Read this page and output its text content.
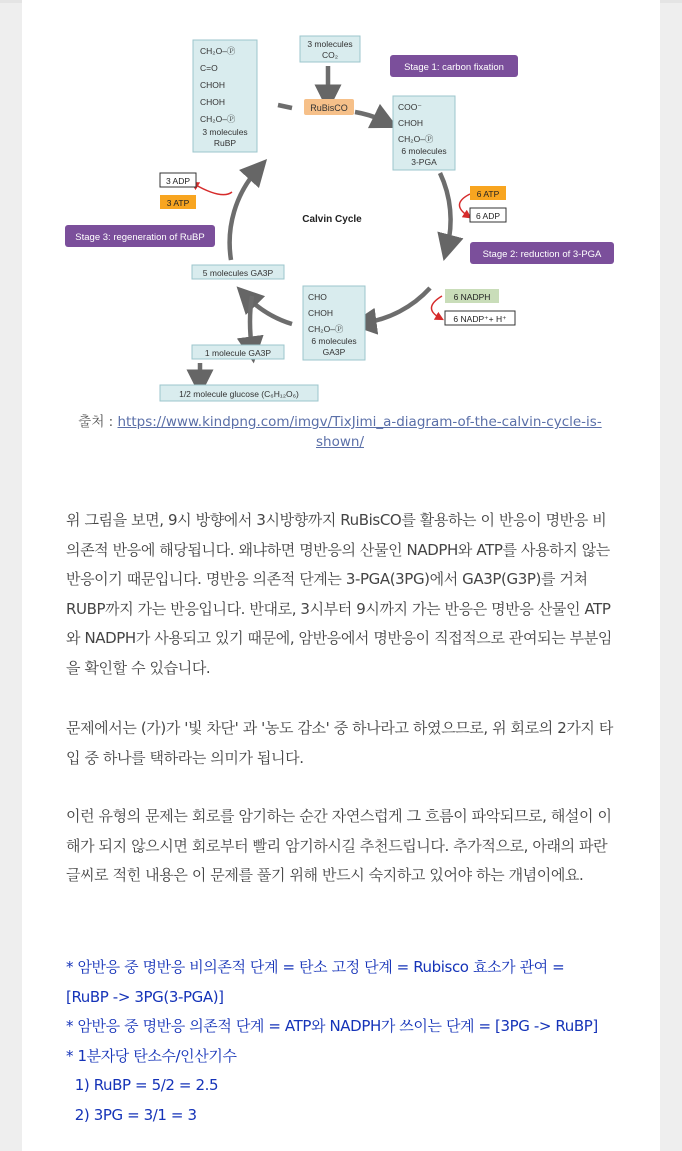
Stage 1: carbon fixation
Stage 2: reduction of 3-PGA
Stage 3: regeneration of RuBP
Calvin Cycle
RuBisCO
3 molecules
CO₂
CH₂O–Ⓟ
C=O
CHOH
CHOH
CH₂O–Ⓟ
3 molecules
RuBP
COO⁻
CHOH
CH₂O–Ⓟ
6 molecules
3-PGA
CHO
CHOH
CH₂O–Ⓟ
6 molecules
GA3P
3 ADP
3 ATP
6 ATP
6 ADP
6 NADPH
6 NADP⁺+ H⁺
5 molecules GA3P
1 molecule GA3P
1/2 molecule glucose (C₆H₁₂O₆)
출처 : https://www.kindpng.com/imgv/TixJimi_a-diagram-of-the-calvin-cycle-is-shown/
위 그림을 보면, 9시 방향에서 3시방향까지 RuBisCO를 활용하는 이 반응이 명반응 비의존적 반응에 해당됩니다. 왜냐하면 명반응의 산물인 NADPH와 ATP를 사용하지 않는 반응이기 때문입니다. 명반응 의존적 단계는 3-PGA(3PG)에서 GA3P(G3P)를 거쳐 RUBP까지 가는 반응입니다. 반대로, 3시부터 9시까지 가는 반응은 명반응 산물인 ATP와 NADPH가 사용되고 있기 때문에, 암반응에서 명반응이 직접적으로 관여되는 부분임을 확인할 수 있습니다.
문제에서는 (가)가 '빛 차단' 과 '농도 감소' 중 하나라고 하였으므로, 위 회로의 2가지 타입 중 하나를 택하라는 의미가 됩니다.
이런 유형의 문제는 회로를 암기하는 순간 자연스럽게 그 흐름이 파악되므로, 해설이 이해가 되지 않으시면 회로부터 빨리 암기하시길 추천드립니다. 추가적으로, 아래의 파란 글씨로 적힌 내용은 이 문제를 풀기 위해 반드시 숙지하고 있어야 하는 개념이에요.
* 암반응 중 명반응 비의존적 단계 = 탄소 고정 단계 = Rubisco 효소가 관여 =
[RuBP -> 3PG(3-PGA)]
* 암반응 중 명반응 의존적 단계 = ATP와 NADPH가 쓰이는 단계 = [3PG -> RuBP]
* 1분자당 탄소수/인산기수
1) RuBP = 5/2 = 2.5
2) 3PG = 3/1 = 3
